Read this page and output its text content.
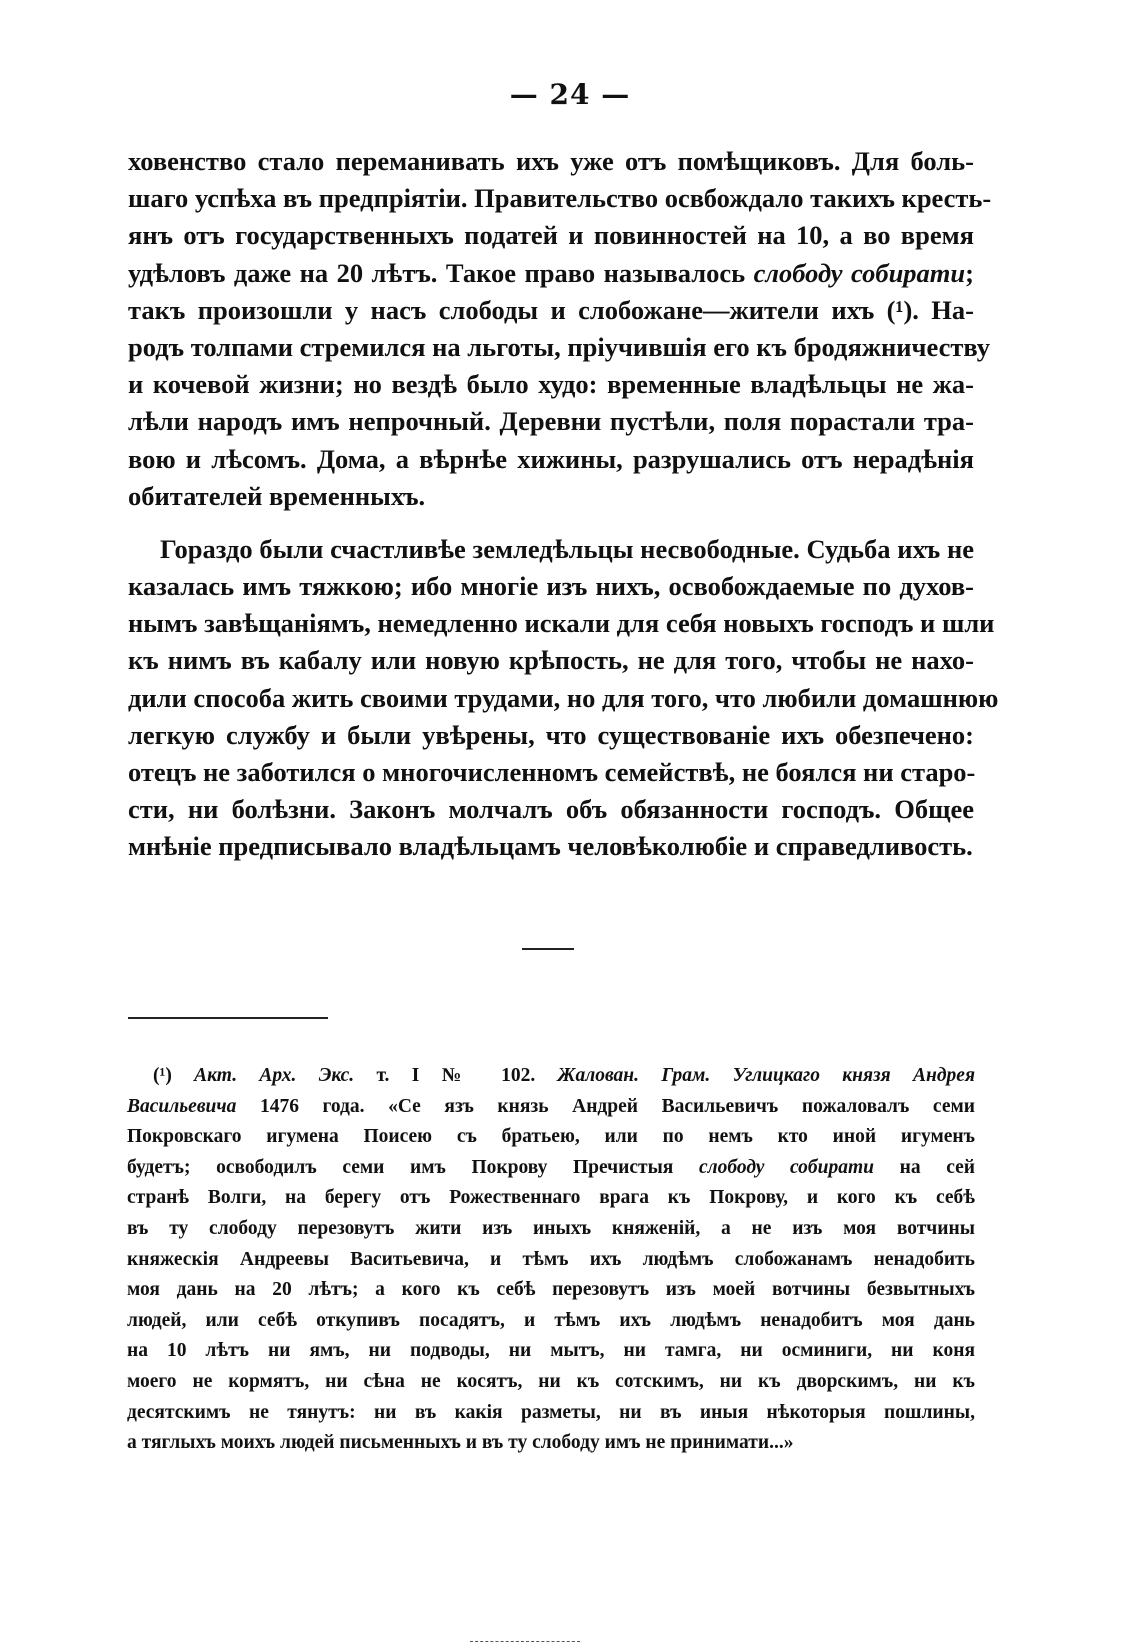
— 24 —
ховенство стало переманивать ихъ уже отъ помѣщиковъ. Для боль-
шаго успѣха въ предпріятіи. Правительство освбождало такихъ кресть-
янъ отъ государственныхъ податей и повинностей на 10, а во время
удѣловъ даже на 20 лѣтъ. Такое право называлось слободу собирати;
такъ произошли у насъ слободы и слобожане—жители ихъ (¹). На-
родъ толпами стремился на льготы, пріучившія его къ бродяжничеству
и кочевой жизни; но вездѣ было худо: временные владѣльцы не жа-
лѣли народъ имъ непрочный. Деревни пустѣли, поля порастали тра-
вою и лѣсомъ. Дома, а вѣрнѣе хижины, разрушались отъ нерадѣнія
обитателей временныхъ.
Гораздо были счастливѣе земледѣльцы несвободные. Судьба ихъ не
казалась имъ тяжкою; ибо многіе изъ нихъ, освобождаемые по духов-
нымъ завѣщаніямъ, немедленно искали для себя новыхъ господъ и шли
къ нимъ въ кабалу или новую крѣпость, не для того, чтобы не нахо-
дили способа жить своими трудами, но для того, что любили домашнюю
легкую службу и были увѣрены, что существованіе ихъ обезпечено:
отецъ не заботился о многочисленномъ семействѣ, не боялся ни старо-
сти, ни болѣзни. Законъ молчалъ объ обязанности господъ. Общее
мнѣніе предписывало владѣльцамъ человѣколюбіе и справедливость.
(¹) Акт. Арх. Экс. т. I № 102. Жалован. Грам. Углицкаго князя Андрея
Васильевича 1476 года. «Се язъ князь Андрей Васильевичъ пожаловалъ семи
Покровскаго игумена Поисею съ братьею, или по немъ кто иной игуменъ
будетъ; освободилъ семи имъ Покрову Пречистыя слободу собирати на сей
странѣ Волги, на берегу отъ Рожественнаго врага къ Покрову, и кого къ себѣ
въ ту слободу перезовутъ жити изъ иныхъ княженій, а не изъ моя вотчины
княжескія Андреевы Васитьевича, и тѣмъ ихъ людѣмъ слобожанамъ ненадобить
моя дань на 20 лѣтъ; а кого къ себѣ перезовутъ изъ моей вотчины безвытныхъ
людей, или себѣ откупивъ посадятъ, и тѣмъ ихъ людѣмъ ненадобитъ моя дань
на 10 лѣтъ ни ямъ, ни подводы, ни мытъ, ни тамга, ни осминиги, ни коня
моего не кормятъ, ни сѣна не косятъ, ни къ сотскимъ, ни къ дворскимъ, ни къ
десятскимъ не тянутъ: ни въ какія разметы, ни въ иныя нѣкоторыя пошлины,
а тяглыхъ моихъ людей письменныхъ и въ ту слободу имъ не принимати...»
